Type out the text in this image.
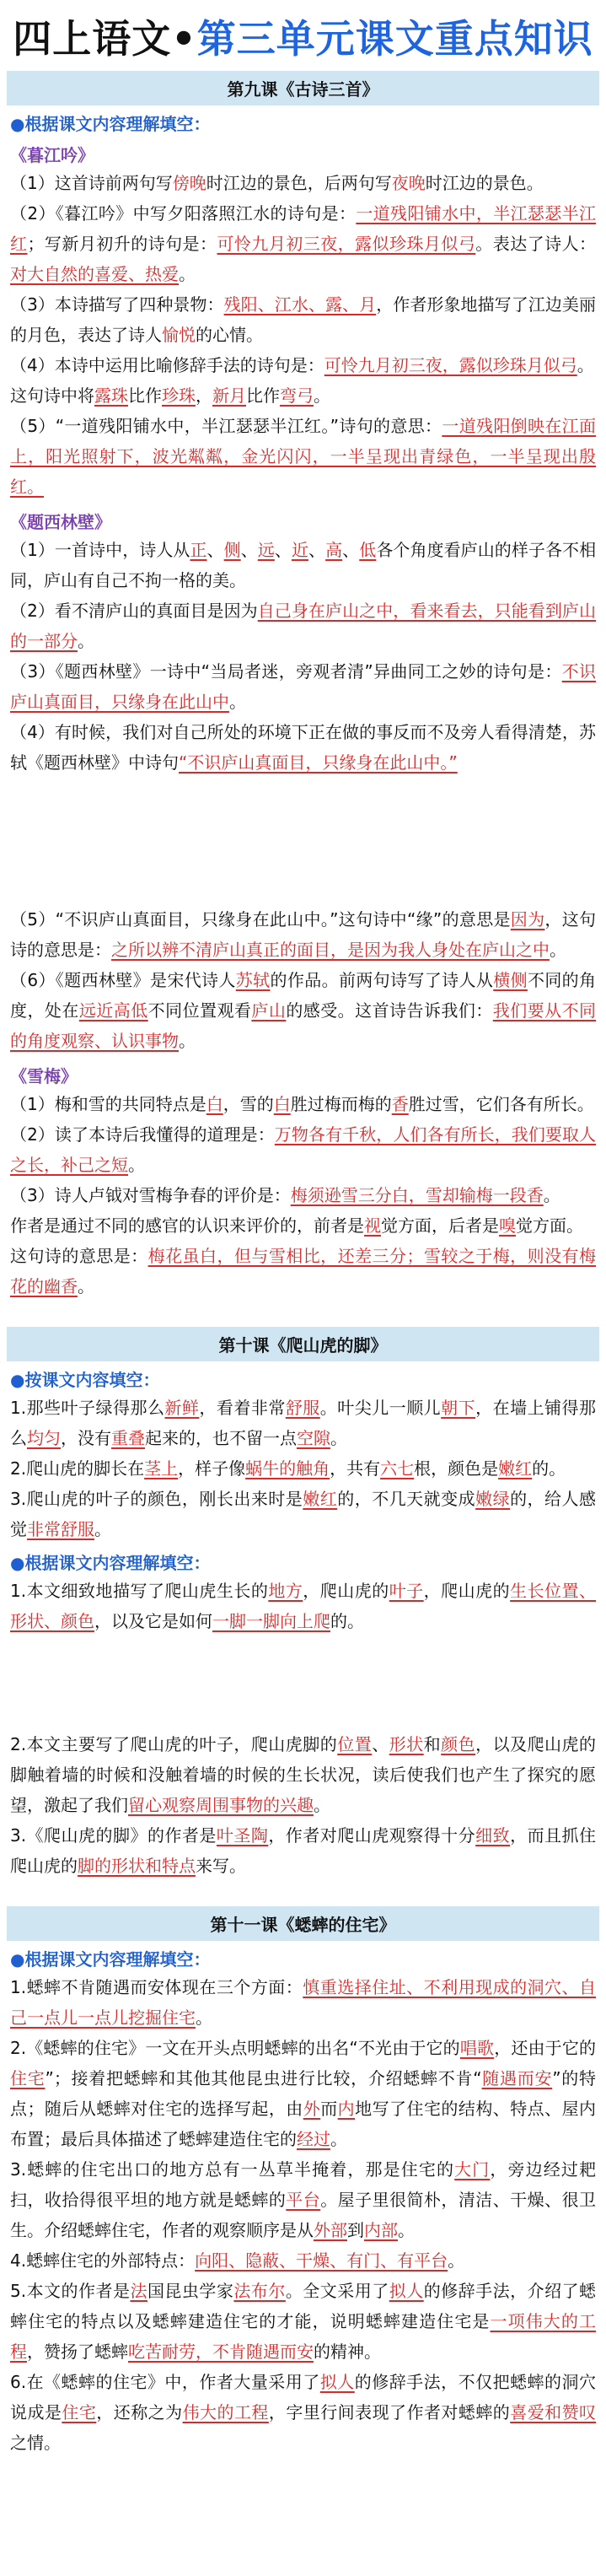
四上语文•第三单元课文重点知识
第九课《古诗三首》
●根据课文内容理解填空：
《暮江吟》
（1）这首诗前两句写傍晚时江边的景色，后两句写夜晚时江边的景色。
（2）《暮江吟》中写夕阳落照江水的诗句是：一道残阳铺水中，半江瑟瑟半江红；写新月初升的诗句是：可怜九月初三夜，露似珍珠月似弓。表达了诗人：对大自然的喜爱、热爱。
（3）本诗描写了四种景物：残阳、江水、露、月，作者形象地描写了江边美丽的月色，表达了诗人愉悦的心情。
（4）本诗中运用比喻修辞手法的诗句是：可怜九月初三夜，露似珍珠月似弓。
这句诗中将露珠比作珍珠，新月比作弯弓。
（5）“一道残阳铺水中，半江瑟瑟半江红。”诗句的意思：一道残阳倒映在江面上，阳光照射下，波光粼粼，金光闪闪，一半呈现出青绿色，一半呈现出殷红。
《题西林壁》
（1）一首诗中，诗人从正、侧、远、近、高、低各个角度看庐山的样子各不相同，庐山有自己不拘一格的美。
（2）看不清庐山的真面目是因为自己身在庐山之中，看来看去，只能看到庐山的一部分。
（3）《题西林壁》一诗中“当局者迷，旁观者清”异曲同工之妙的诗句是：不识庐山真面目，只缘身在此山中。
（4）有时候，我们对自己所处的环境下正在做的事反而不及旁人看得清楚，苏轼《题西林壁》中诗句“不识庐山真面目，只缘身在此山中。”
（5）“不识庐山真面目，只缘身在此山中。”这句诗中“缘”的意思是因为，这句诗的意思是：之所以辨不清庐山真正的面目，是因为我人身处在庐山之中。
（6）《题西林壁》是宋代诗人苏轼的作品。前两句诗写了诗人从横侧不同的角度，处在远近高低不同位置观看庐山的感受。这首诗告诉我们：我们要从不同的角度观察、认识事物。
《雪梅》
（1）梅和雪的共同特点是白，雪的白胜过梅而梅的香胜过雪，它们各有所长。
（2）读了本诗后我懂得的道理是：万物各有千秋，人们各有所长，我们要取人之长，补己之短。
（3）诗人卢钺对雪梅争春的评价是：梅须逊雪三分白，雪却输梅一段香。
作者是通过不同的感官的认识来评价的，前者是视觉方面，后者是嗅觉方面。
这句诗的意思是：梅花虽白，但与雪相比，还差三分；雪较之于梅，则没有梅花的幽香。
第十课《爬山虎的脚》
●按课文内容填空：
1.那些叶子绿得那么新鲜，看着非常舒服。叶尖儿一顺儿朝下，在墙上铺得那么均匀，没有重叠起来的，也不留一点空隙。
2.爬山虎的脚长在茎上，样子像蜗牛的触角，共有六七根，颜色是嫩红的。
3.爬山虎的叶子的颜色，刚长出来时是嫩红的，不几天就变成嫩绿的，给人感觉非常舒服。
●根据课文内容理解填空：
1.本文细致地描写了爬山虎生长的地方，爬山虎的叶子，爬山虎的生长位置、形状、颜色，以及它是如何一脚一脚向上爬的。
2.本文主要写了爬山虎的叶子，爬山虎脚的位置、形状和颜色，以及爬山虎的脚触着墙的时候和没触着墙的时候的生长状况，读后使我们也产生了探究的愿望，激起了我们留心观察周围事物的兴趣。
3.《爬山虎的脚》的作者是叶圣陶，作者对爬山虎观察得十分细致，而且抓住爬山虎的脚的形状和特点来写。
第十一课《蟋蟀的住宅》
●根据课文内容理解填空：
1.蟋蟀不肯随遇而安体现在三个方面：慎重选择住址、不利用现成的洞穴、自己一点儿一点儿挖掘住宅。
2.《蟋蟀的住宅》一文在开头点明蟋蟀的出名“不光由于它的唱歌，还由于它的住宅”；接着把蟋蟀和其他其他昆虫进行比较，介绍蟋蟀不肯“随遇而安”的特点；随后从蟋蟀对住宅的选择写起，由外而内地写了住宅的结构、特点、屋内布置；最后具体描述了蟋蟀建造住宅的经过。
3.蟋蟀的住宅出口的地方总有一丛草半掩着，那是住宅的大门，旁边经过耙扫，收拾得很平坦的地方就是蟋蟀的平台。屋子里很简朴，清洁、干燥、很卫生。介绍蟋蟀住宅，作者的观察顺序是从外部到内部。
4.蟋蟀住宅的外部特点：向阳、隐蔽、干燥、有门、有平台。
5.本文的作者是法国昆虫学家法布尔。全文采用了拟人的修辞手法，介绍了蟋蟀住宅的特点以及蟋蟀建造住宅的才能，说明蟋蟀建造住宅是一项伟大的工程，赞扬了蟋蟀吃苦耐劳，不肯随遇而安的精神。
6.在《蟋蟀的住宅》中，作者大量采用了拟人的修辞手法，不仅把蟋蟀的洞穴说成是住宅，还称之为伟大的工程，字里行间表现了作者对蟋蟀的喜爱和赞叹之情。
